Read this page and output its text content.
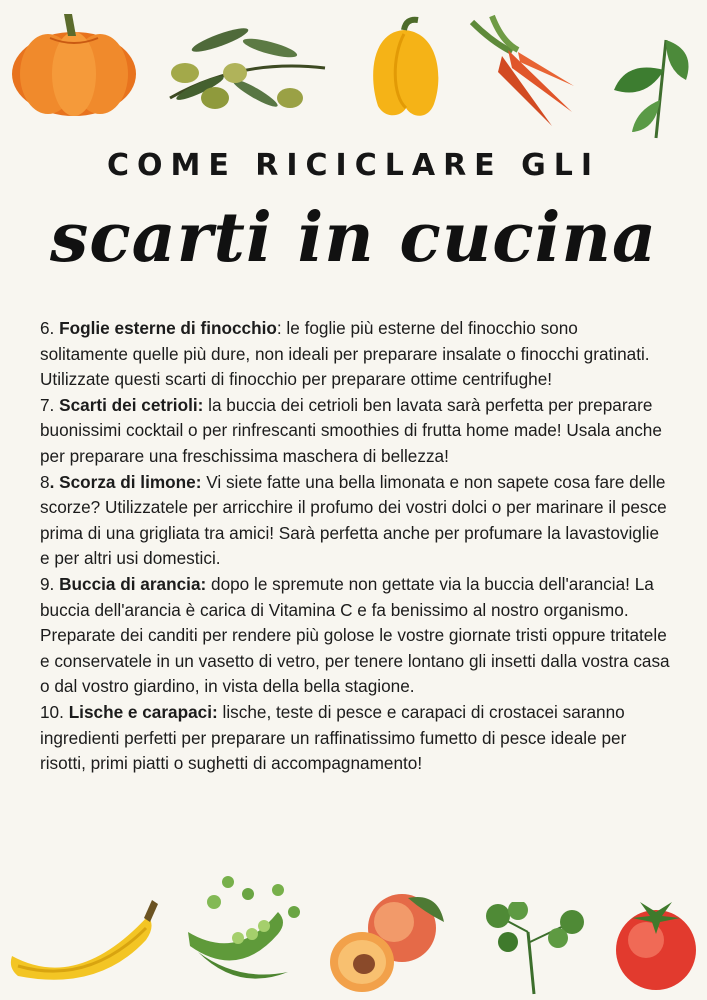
COME RICICLARE GLI
scarti in cucina

6. Foglie esterne di finocchio: le foglie più esterne del finocchio sono solitamente quelle più dure, non ideali per preparare insalate o finocchi gratinati. Utilizzate questi scarti di finocchio per preparare ottime centrifughe!

7. Scarti dei cetrioli: la buccia dei cetrioli ben lavata sarà perfetta per preparare buonissimi cocktail o per rinfrescanti smoothies di frutta home made! Usala anche per preparare una freschissima maschera di bellezza!

8. Scorza di limone: Vi siete fatte una bella limonata e non sapete cosa fare delle scorze? Utilizzatele per arricchire il profumo dei vostri dolci o per marinare il pesce prima di una grigliata tra amici! Sarà perfetta anche per profumare la lavastoviglie e per altri usi domestici.

9. Buccia di arancia: dopo le spremute non gettate via la buccia dell'arancia! La buccia dell'arancia è carica di Vitamina C e fa benissimo al nostro organismo. Preparate dei canditi per rendere più golose le vostre giornate tristi oppure tritatele e conservatele in un vasetto di vetro, per tenere lontano gli insetti dalla vostra casa o dal vostro giardino, in vista della bella stagione.

10. Lische e carapaci: lische, teste di pesce e carapaci di crostacei saranno ingredienti perfetti per preparare un raffinatissimo fumetto di pesce ideale per risotti, primi piatti o sughetti di accompagnamento!
